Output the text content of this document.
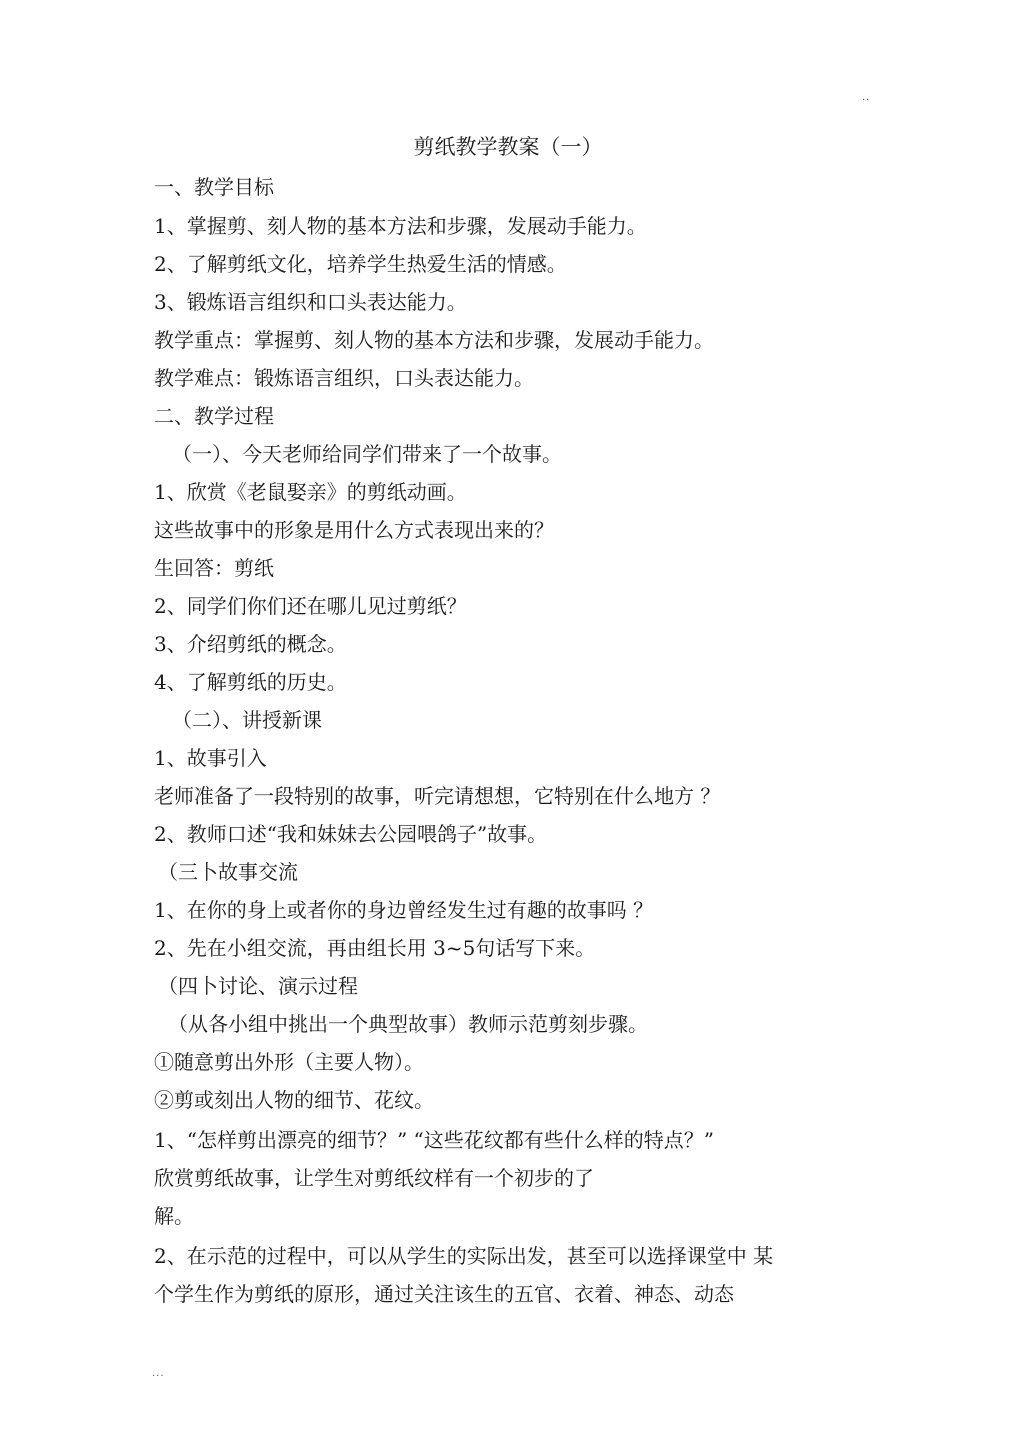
..
剪纸教学教案（一）
一、教学目标
1、掌握剪、刻人物的基本方法和步骤，发展动手能力。
2、了解剪纸文化，培养学生热爱生活的情感。
3、锻炼语言组织和口头表达能力。
教学重点：掌握剪、刻人物的基本方法和步骤，发展动手能力。
教学难点：锻炼语言组织，口头表达能力。
二、教学过程
（一）、今天老师给同学们带来了一个故事。
1、欣赏《老鼠娶亲》的剪纸动画。
这些故事中的形象是用什么方式表现出来的？
生回答：剪纸
2、同学们你们还在哪儿见过剪纸？
3、介绍剪纸的概念。
4、了解剪纸的历史。
（二）、讲授新课
1、故事引入
老师准备了一段特别的故事，听完请想想，它特别在什么地方 ？
2、教师口述“我和妹妹去公园喂鸽子”故事。
（三卜故事交流
1、在你的身上或者你的身边曾经发生过有趣的故事吗 ？
2、先在小组交流，再由组长用 3~5句话写下来。
（四卜讨论、演示过程
（从各小组中挑出一个典型故事）教师示范剪刻步骤。
①随意剪出外形（主要人物）。
②剪或刻出人物的细节、花纹。
1、“怎样剪出漂亮的细节？” “这些花纹都有些什么样的特点？”
欣赏剪纸故事，让学生对剪纸纹样有一个初步的了
解。
2、在示范的过程中，可以从学生的实际出发，甚至可以选择课堂中 某
个学生作为剪纸的原形，通过关注该生的五官、衣着、神态、动态
...
